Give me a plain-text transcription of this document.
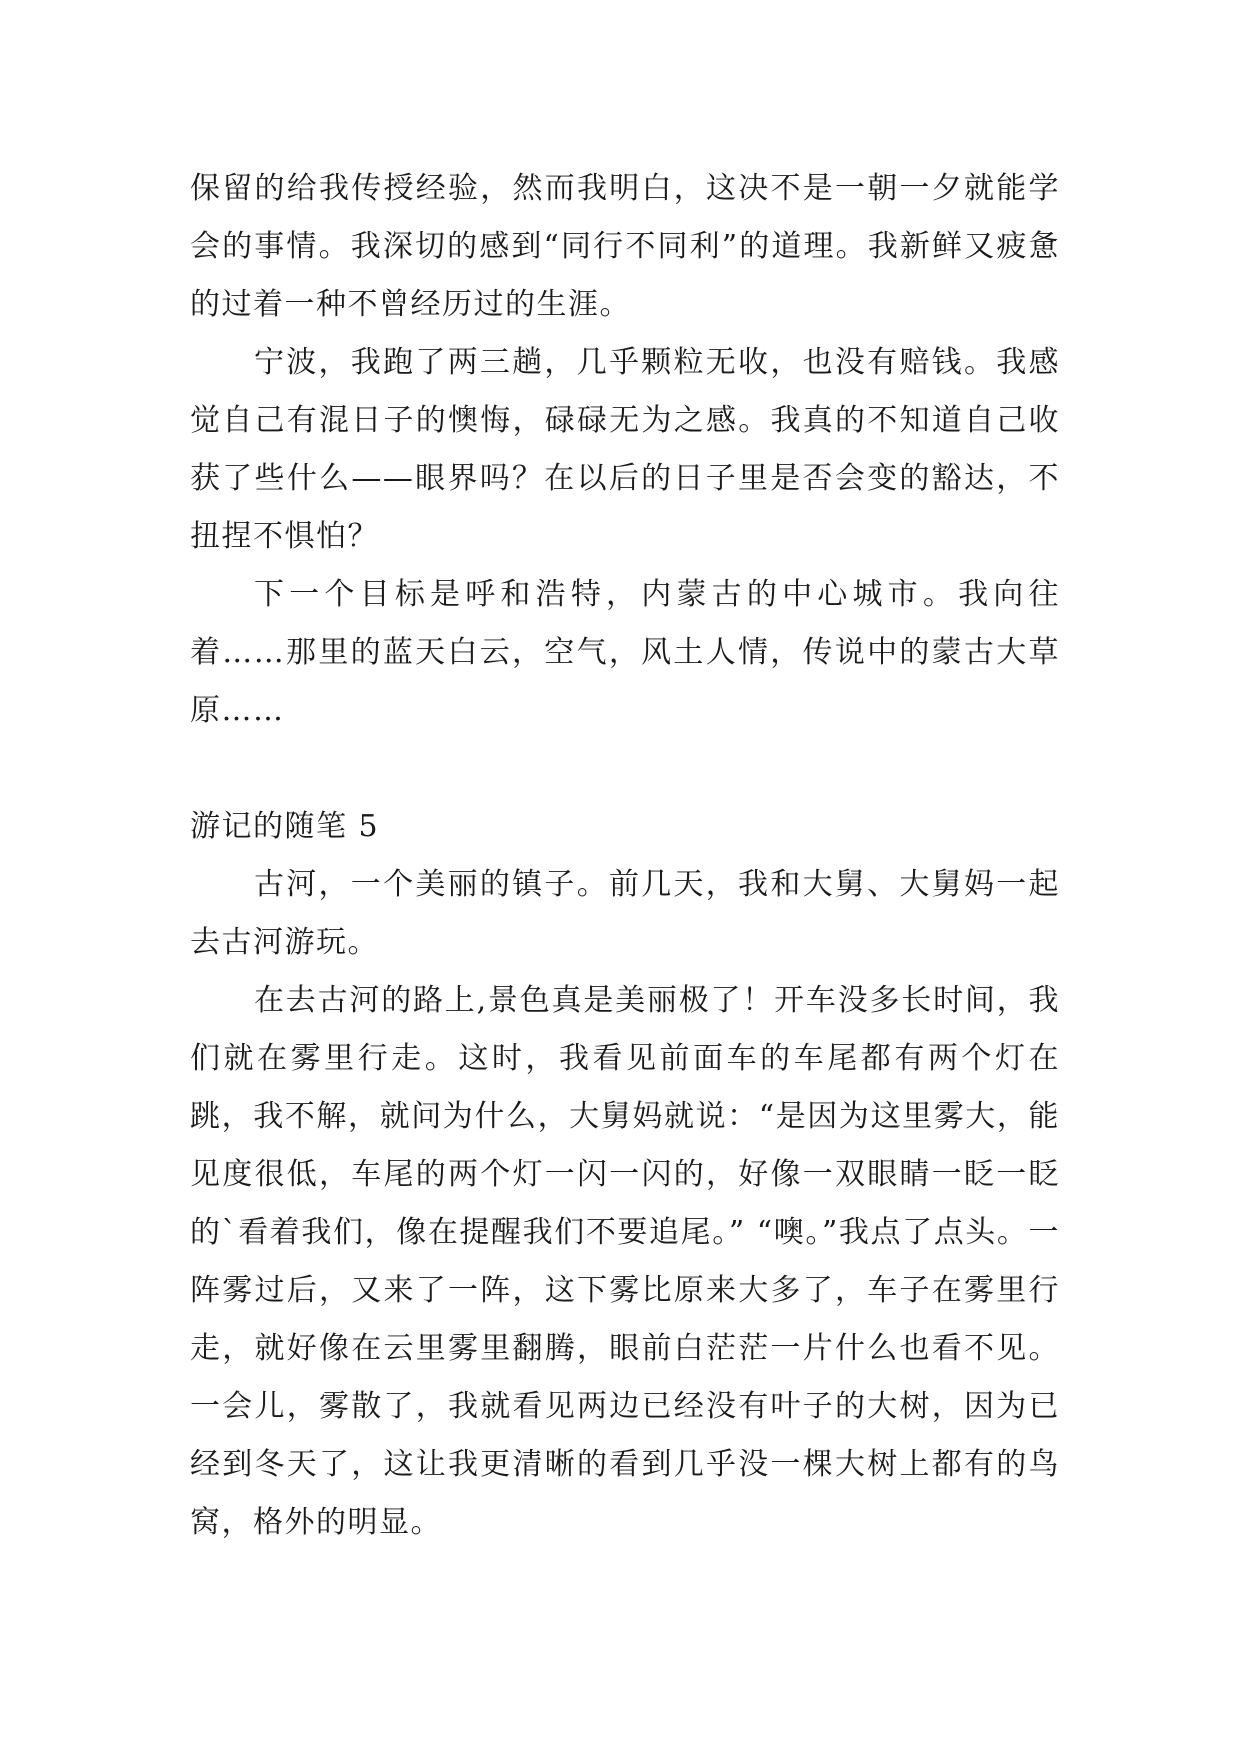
保留的给我传授经验，然而我明白，这决不是一朝一夕就能学会的事情。我深切的感到“同行不同利”的道理。我新鲜又疲惫的过着一种不曾经历过的生涯。

宁波，我跑了两三趟，几乎颗粒无收，也没有赔钱。我感觉自己有混日子的懊悔，碌碌无为之感。我真的不知道自己收获了些什么——眼界吗？在以后的日子里是否会变的豁达，不扭捏不惧怕？

下一个目标是呼和浩特，内蒙古的中心城市。我向往着……那里的蓝天白云，空气，风土人情，传说中的蒙古大草原……

游记的随笔 5

古河，一个美丽的镇子。前几天，我和大舅、大舅妈一起去古河游玩。

在去古河的路上,景色真是美丽极了！开车没多长时间，我们就在雾里行走。这时，我看见前面车的车尾都有两个灯在跳，我不解，就问为什么，大舅妈就说：“是因为这里雾大，能见度很低，车尾的两个灯一闪一闪的，好像一双眼睛一眨一眨的`看着我们，像在提醒我们不要追尾。” “噢。”我点了点头。一阵雾过后，又来了一阵，这下雾比原来大多了，车子在雾里行走，就好像在云里雾里翻腾，眼前白茫茫一片什么也看不见。一会儿，雾散了，我就看见两边已经没有叶子的大树，因为已经到冬天了，这让我更清晰的看到几乎没一棵大树上都有的鸟窝，格外的明显。
